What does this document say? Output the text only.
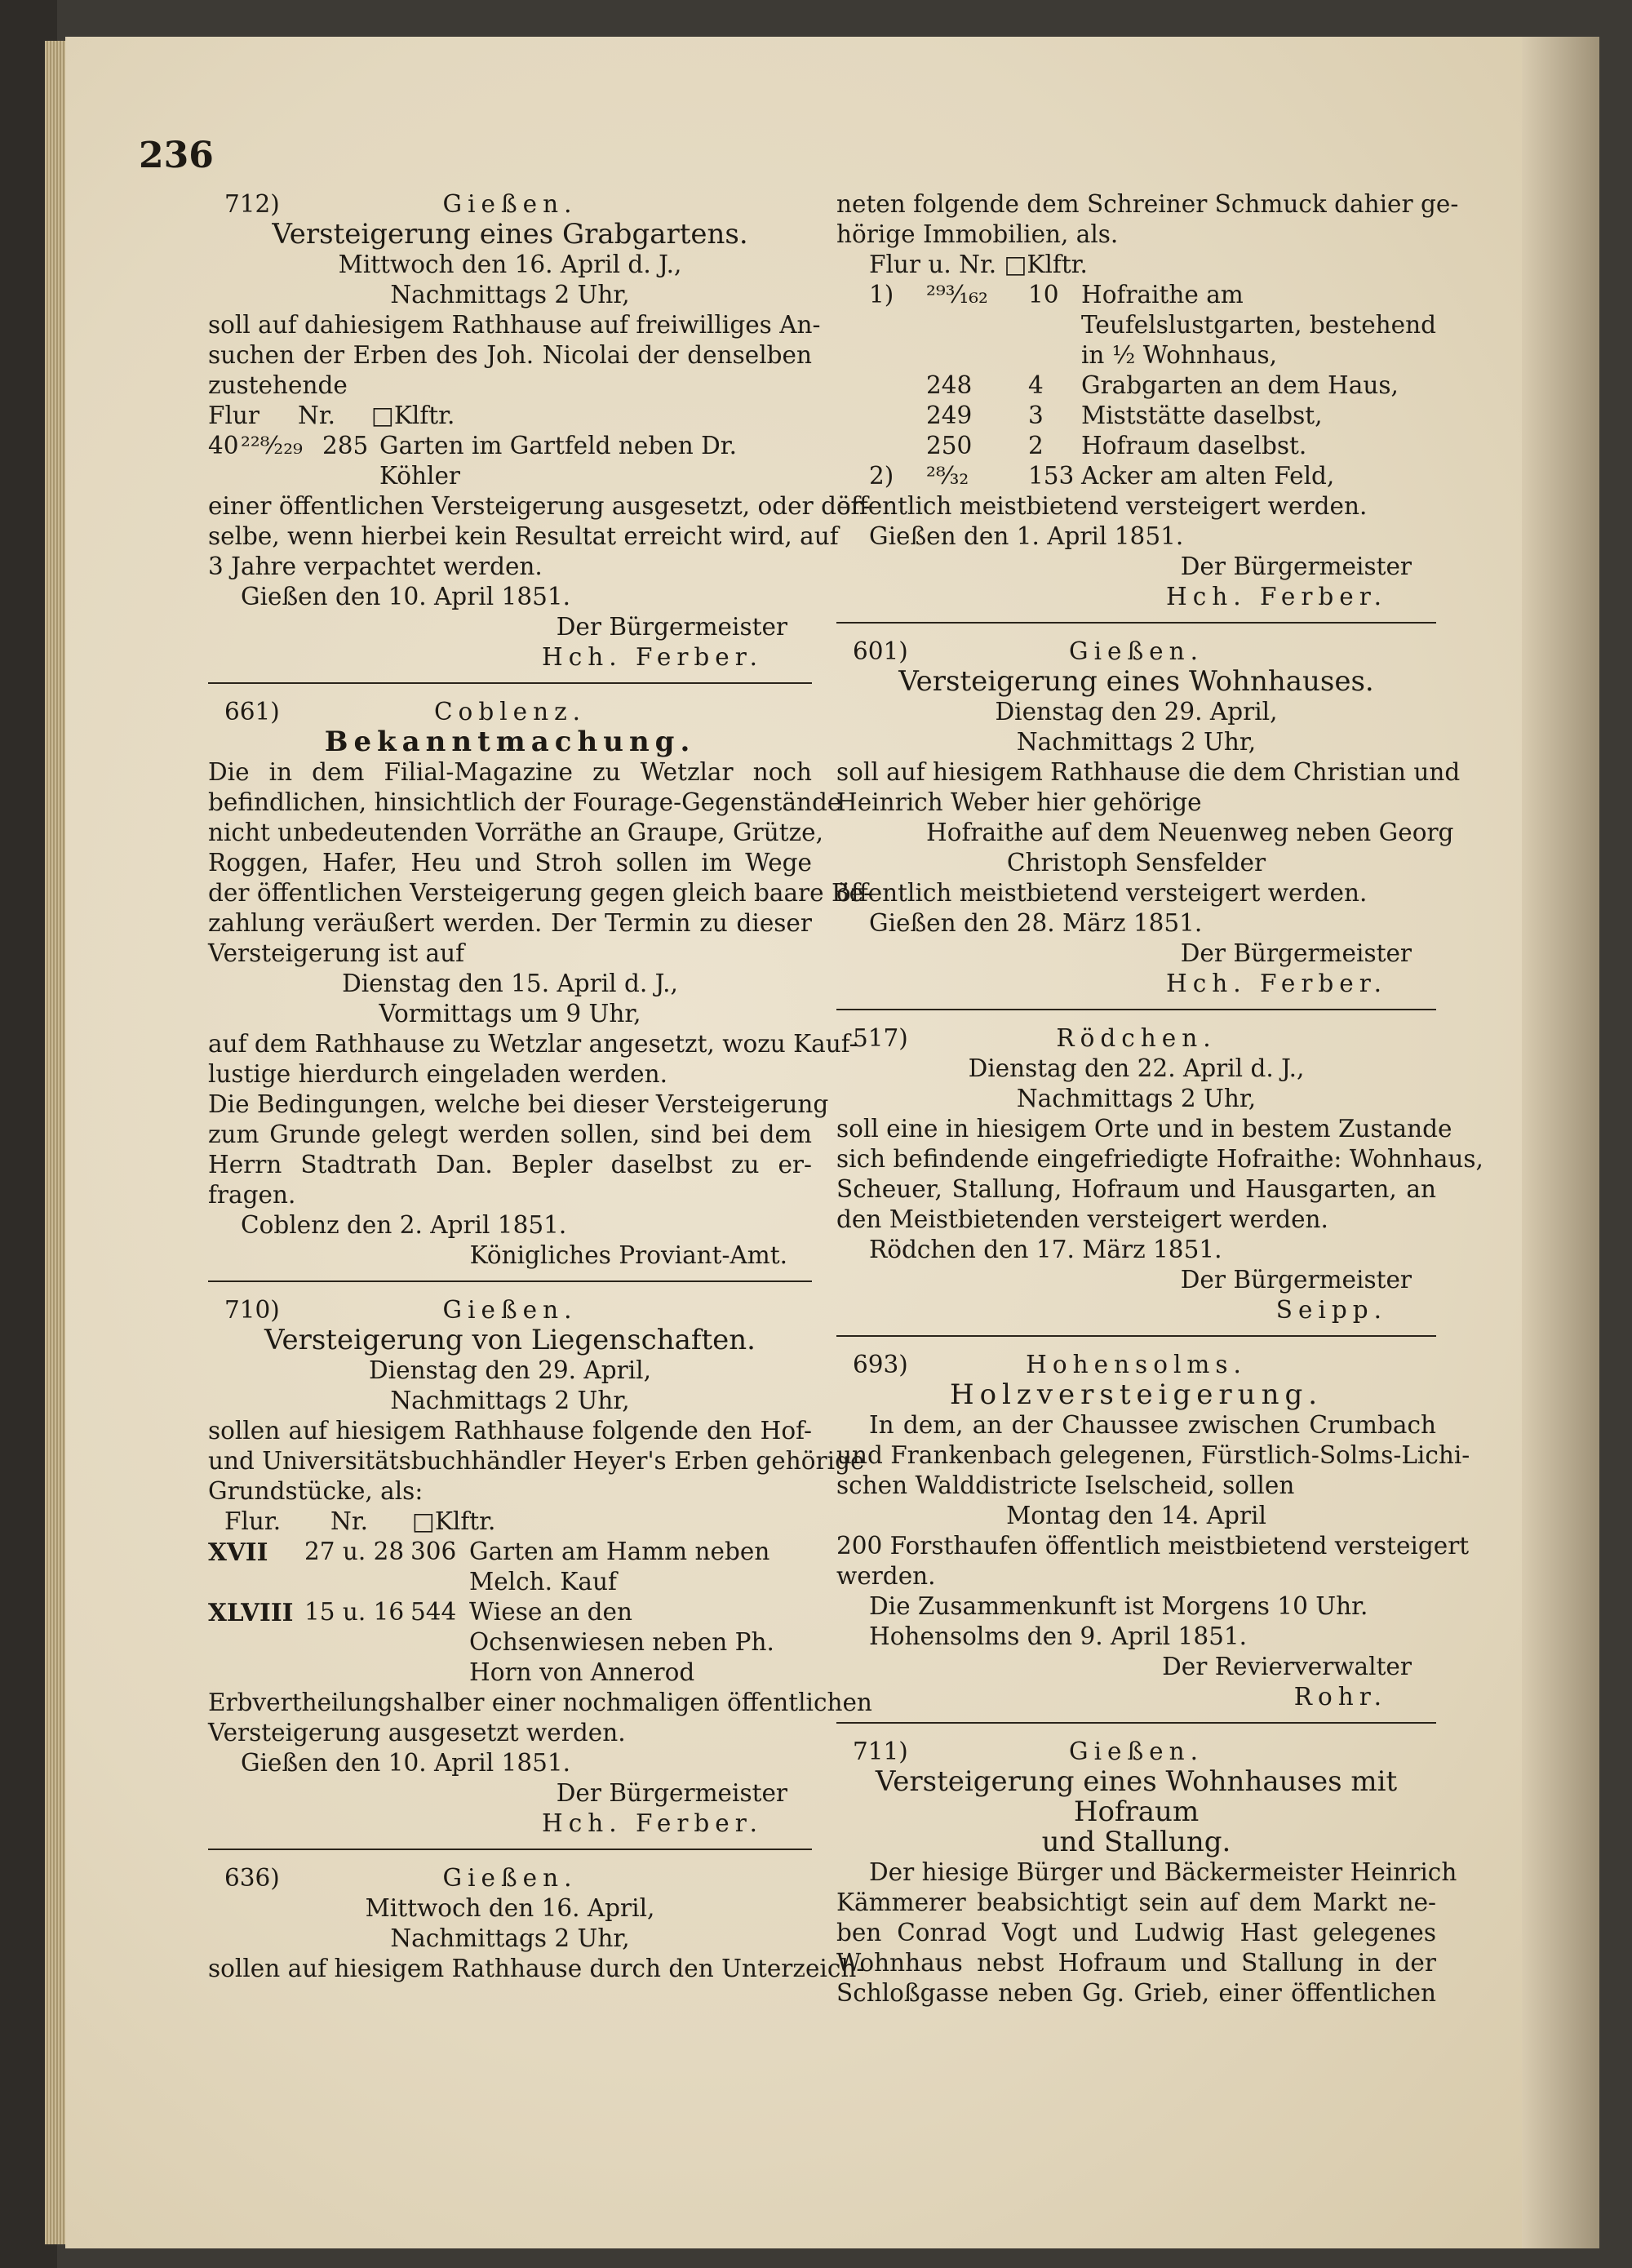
236
712)	Gießen.
Versteigerung eines Grabgartens.
Mittwoch den 16. April d. J.,
Nachmittags 2 Uhr,
soll auf dahiesigem Rathhause auf freiwilliges An-
suchen der Erben des Joh. Nicolai der denselben
zustehende
Flur	Nr.	□Klftr.
40	²²⁸⁄₂₂₉	285	Garten im Gartfeld neben Dr. Köhler
einer öffentlichen Versteigerung ausgesetzt, oder der-
selbe, wenn hierbei kein Resultat erreicht wird, auf
3 Jahre verpachtet werden.
Gießen den 10. April 1851.
Der Bürgermeister
Hch. Ferber.
661)	Coblenz.
Bekanntmachung.
Die in dem Filial-Magazine zu Wetzlar noch
befindlichen, hinsichtlich der Fourage-Gegenstände
nicht unbedeutenden Vorräthe an Graupe, Grütze,
Roggen, Hafer, Heu und Stroh sollen im Wege
der öffentlichen Versteigerung gegen gleich baare Be-
zahlung veräußert werden. Der Termin zu dieser
Versteigerung ist auf
Dienstag den 15. April d. J.,
Vormittags um 9 Uhr,
auf dem Rathhause zu Wetzlar angesetzt, wozu Kauf-
lustige hierdurch eingeladen werden.
Die Bedingungen, welche bei dieser Versteigerung
zum Grunde gelegt werden sollen, sind bei dem
Herrn Stadtrath Dan. Bepler daselbst zu er-
fragen.
Coblenz den 2. April 1851.
Königliches Proviant-Amt.
710)	Gießen.
Versteigerung von Liegenschaften.
Dienstag den 29. April,
Nachmittags 2 Uhr,
sollen auf hiesigem Rathhause folgende den Hof-
und Universitätsbuchhändler Heyer's Erben gehörige
Grundstücke, als:
Flur.	Nr.	□Klftr.
XVII	27 u. 28	306	Garten am Hamm neben Melch. Kauf
XLVIII	15 u. 16	544	Wiese an den Ochsenwiesen neben Ph. Horn von Annerod
Erbvertheilungshalber einer nochmaligen öffentlichen
Versteigerung ausgesetzt werden.
Gießen den 10. April 1851.
Der Bürgermeister
Hch. Ferber.
636)	Gießen.
Mittwoch den 16. April,
Nachmittags 2 Uhr,
sollen auf hiesigem Rathhause durch den Unterzeich-
neten folgende dem Schreiner Schmuck dahier ge-
hörige Immobilien, als.
Flur u. Nr. □Klftr.
1)	²⁹³⁄₁₆₂	10	Hofraithe am Teufelslustgarten, bestehend in ½ Wohnhaus,
	248	4	Grabgarten an dem Haus,
	249	3	Miststätte daselbst,
	250	2	Hofraum daselbst.
2)	²⁸⁄₃₂	153	Acker am alten Feld,
öffentlich meistbietend versteigert werden.
Gießen den 1. April 1851.
Der Bürgermeister
Hch. Ferber.
601)	Gießen.
Versteigerung eines Wohnhauses.
Dienstag den 29. April,
Nachmittags 2 Uhr,
soll auf hiesigem Rathhause die dem Christian und
Heinrich Weber hier gehörige
Hofraithe auf dem Neuenweg neben Georg
Christoph Sensfelder
öffentlich meistbietend versteigert werden.
Gießen den 28. März 1851.
Der Bürgermeister
Hch. Ferber.
517)	Rödchen.
Dienstag den 22. April d. J.,
Nachmittags 2 Uhr,
soll eine in hiesigem Orte und in bestem Zustande
sich befindende eingefriedigte Hofraithe: Wohnhaus,
Scheuer, Stallung, Hofraum und Hausgarten, an
den Meistbietenden versteigert werden.
Rödchen den 17. März 1851.
Der Bürgermeister
Seipp.
693)	Hohensolms.
Holzversteigerung.
In dem, an der Chaussee zwischen Crumbach
und Frankenbach gelegenen, Fürstlich-Solms-Lichi-
schen Walddistricte Iselscheid, sollen
Montag den 14. April
200 Forsthaufen öffentlich meistbietend versteigert
werden.
Die Zusammenkunft ist Morgens 10 Uhr.
Hohensolms den 9. April 1851.
Der Revierverwalter
Rohr.
711)	Gießen.
Versteigerung eines Wohnhauses mit Hofraum
und Stallung.
Der hiesige Bürger und Bäckermeister Heinrich
Kämmerer beabsichtigt sein auf dem Markt ne-
ben Conrad Vogt und Ludwig Hast gelegenes
Wohnhaus nebst Hofraum und Stallung in der
Schloßgasse neben Gg. Grieb, einer öffentlichen
